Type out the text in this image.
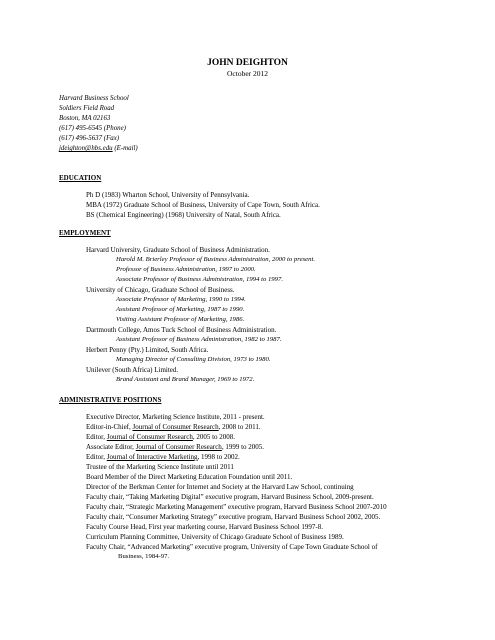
JOHN DEIGHTON
October 2012
Harvard Business School
Soldiers Field Road
Boston, MA 02163
(617) 495-6545 (Phone)
(617) 496-5637 (Fax)
jdeighton@hbs.edu (E-mail)
EDUCATION
Ph D (1983) Wharton School, University of Pennsylvania.
MBA (1972) Graduate School of Business, University of Cape Town, South Africa.
BS (Chemical Engineering) (1968) University of Natal, South Africa.
EMPLOYMENT
Harvard University, Graduate School of Business Administration.
Harold M. Brierley Professor of Business Administration, 2000 to present.
Professor of Business Administration, 1997 to 2000.
Associate Professor of Business Administration, 1994 to 1997.
University of Chicago, Graduate School of Business.
Associate Professor of Marketing, 1990 to 1994.
Assistant Professor of Marketing, 1987 to 1990.
Visiting Assistant Professor of Marketing, 1986.
Dartmouth College, Amos Tuck School of Business Administration.
Assistant Professor of Business Administration, 1982 to 1987.
Herbert Penny (Pty.) Limited, South Africa.
Managing Director of Consulting Division, 1973 to 1980.
Unilever (South Africa) Limited.
Brand Assistant and Brand Manager, 1969 to 1972.
ADMINISTRATIVE POSITIONS
Executive Director, Marketing Science Institute, 2011 - present.
Editor-in-Chief, Journal of Consumer Research, 2008 to 2011.
Editor, Journal of Consumer Research, 2005 to 2008.
Associate Editor, Journal of Consumer Research, 1999 to 2005.
Editor, Journal of Interactive Marketing, 1998 to 2002.
Trustee of the Marketing Science Institute until 2011
Board Member of the Direct Marketing Education Foundation until 2011.
Director of the Berkman Center for Internet and Society at the Harvard Law School, continuing
Faculty chair, “Taking Marketing Digital” executive program, Harvard Business School, 2009-present.
Faculty chair, “Strategic Marketing Management” executive program, Harvard Business School 2007-2010
Faculty chair, “Consumer Marketing Strategy” executive program, Harvard Business School 2002, 2005.
Faculty Course Head, First year marketing course, Harvard Business School 1997-8.
Curriculum Planning Committee, University of Chicago Graduate School of Business 1989.
Faculty Chair, “Advanced Marketing” executive program, University of Cape Town Graduate School of
Business, 1984-97.
